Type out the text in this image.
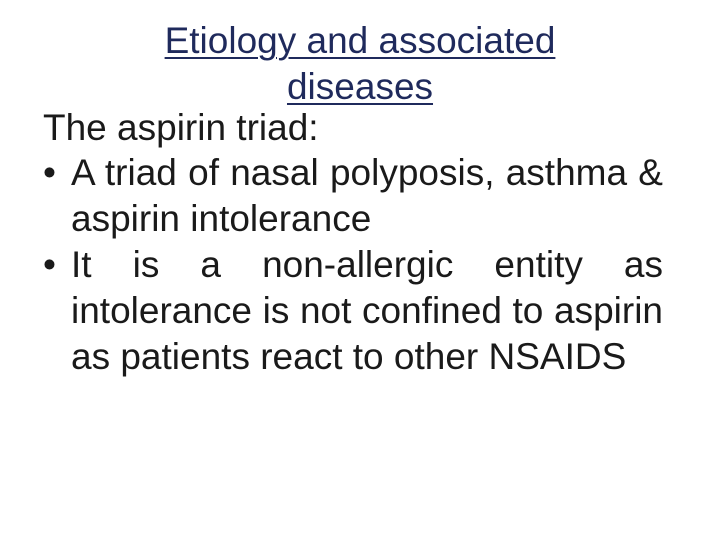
Etiology and associated diseases
The aspirin triad:
• A triad of nasal polyposis, asthma & aspirin intolerance
• It is a non-allergic entity as intolerance is not confined to aspirin as patients react to other NSAIDS
